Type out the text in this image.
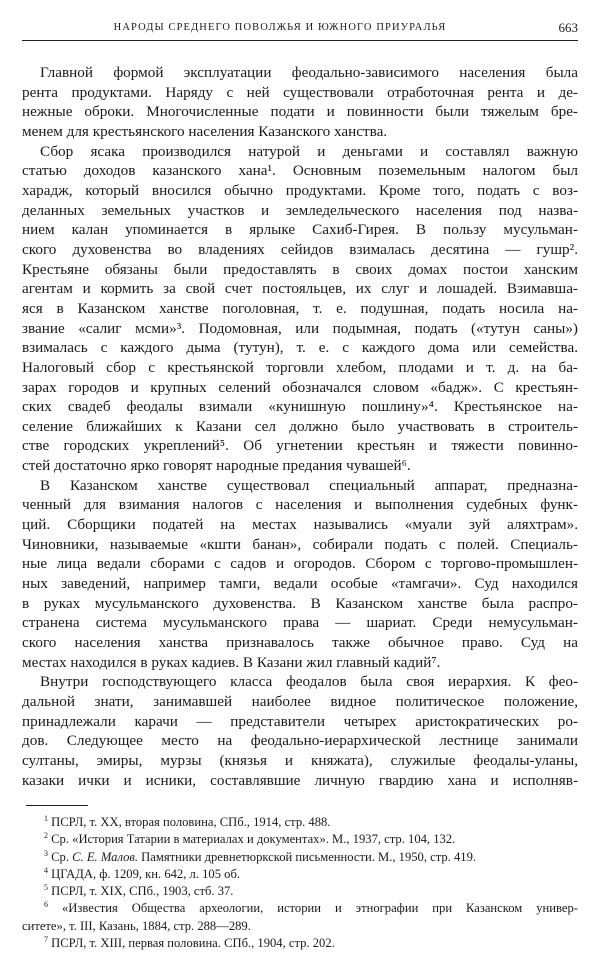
НАРОДЫ СРЕДНЕГО ПОВОЛЖЬЯ И ЮЖНОГО ПРИУРАЛЬЯ	663
Главной формой эксплуатации феодально-зависимого населения была
рента продуктами. Наряду с ней существовали отработочная рента и де-
нежные оброки. Многочисленные подати и повинности были тяжелым бре-
менем для крестьянского населения Казанского ханства.
Сбор ясака производился натурой и деньгами и составлял важную
статью доходов казанского хана¹. Основным поземельным налогом был
харадж, который вносился обычно продуктами. Кроме того, подать с воз-
деланных земельных участков и земледельческого населения под назва-
нием калан упоминается в ярлыке Сахиб-Гирея. В пользу мусульман-
ского духовенства во владениях сейидов взималась десятина — гушр².
Крестьяне обязаны были предоставлять в своих домах постои ханским
агентам и кормить за свой счет постояльцев, их слуг и лошадей. Взимавша-
яся в Казанском ханстве поголовная, т. е. подушная, подать носила на-
звание «салиг мсми»³. Подомовная, или подымная, подать («тутун саны»)
взималась с каждого дыма (тутун), т. е. с каждого дома или семейства.
Налоговый сбор с крестьянской торговли хлебом, плодами и т. д. на ба-
зарах городов и крупных селений обозначался словом «бадж». С крестьян-
ских свадеб феодалы взимали «кунишную пошлину»⁴. Крестьянское на-
селение ближайших к Казани сел должно было участвовать в строитель-
стве городских укреплений⁵. Об угнетении крестьян и тяжести повинно-
стей достаточно ярко говорят народные предания чувашей⁶.
В Казанском ханстве существовал специальный аппарат, предназна-
ченный для взимания налогов с населения и выполнения судебных функ-
ций. Сборщики податей на местах назывались «муали зуй аляхтрам».
Чиновники, называемые «кшти банан», собирали подать с полей. Специаль-
ные лица ведали сборами с садов и огородов. Сбором с торгово-промышлен-
ных заведений, например тамги, ведали особые «тамгачи». Суд находился
в руках мусульманского духовенства. В Казанском ханстве была распро-
странена система мусульманского права — шариат. Среди немусульман-
ского населения ханства признавалось также обычное право. Суд на
местах находился в руках кадиев. В Казани жил главный кадий⁷.
Внутри господствующего класса феодалов была своя иерархия. К фео-
дальной знати, занимавшей наиболее видное политическое положение,
принадлежали карачи — представители четырех аристократических ро-
дов. Следующее место на феодально-иерархической лестнице занимали
султаны, эмиры, мурзы (князья и княжата), служилые феодалы-уланы,
казаки ички и исники, составлявшие личную гвардию хана и исполняв-
$^1$ ПСРЛ, т. XX, вторая половина, СПб., 1914, стр. 488.
$^2$ Ср. «История Татарии в материалах и документах». М., 1937, стр. 104, 132.
$^3$ Ср. С. Е. Малов. Памятники древнетюркской письменности. М., 1950, стр. 419.
$^4$ ЦГАДА, ф. 1209, кн. 642, л. 105 об.
$^5$ ПСРЛ, т. XIX, СПб., 1903, стб. 37.
$^6$ «Известия Общества археологии, истории и этнографии при Казанском универ-
ситете», т. III, Казань, 1884, стр. 288—289.
$^7$ ПСРЛ, т. XIII, первая половина. СПб., 1904, стр. 202.
